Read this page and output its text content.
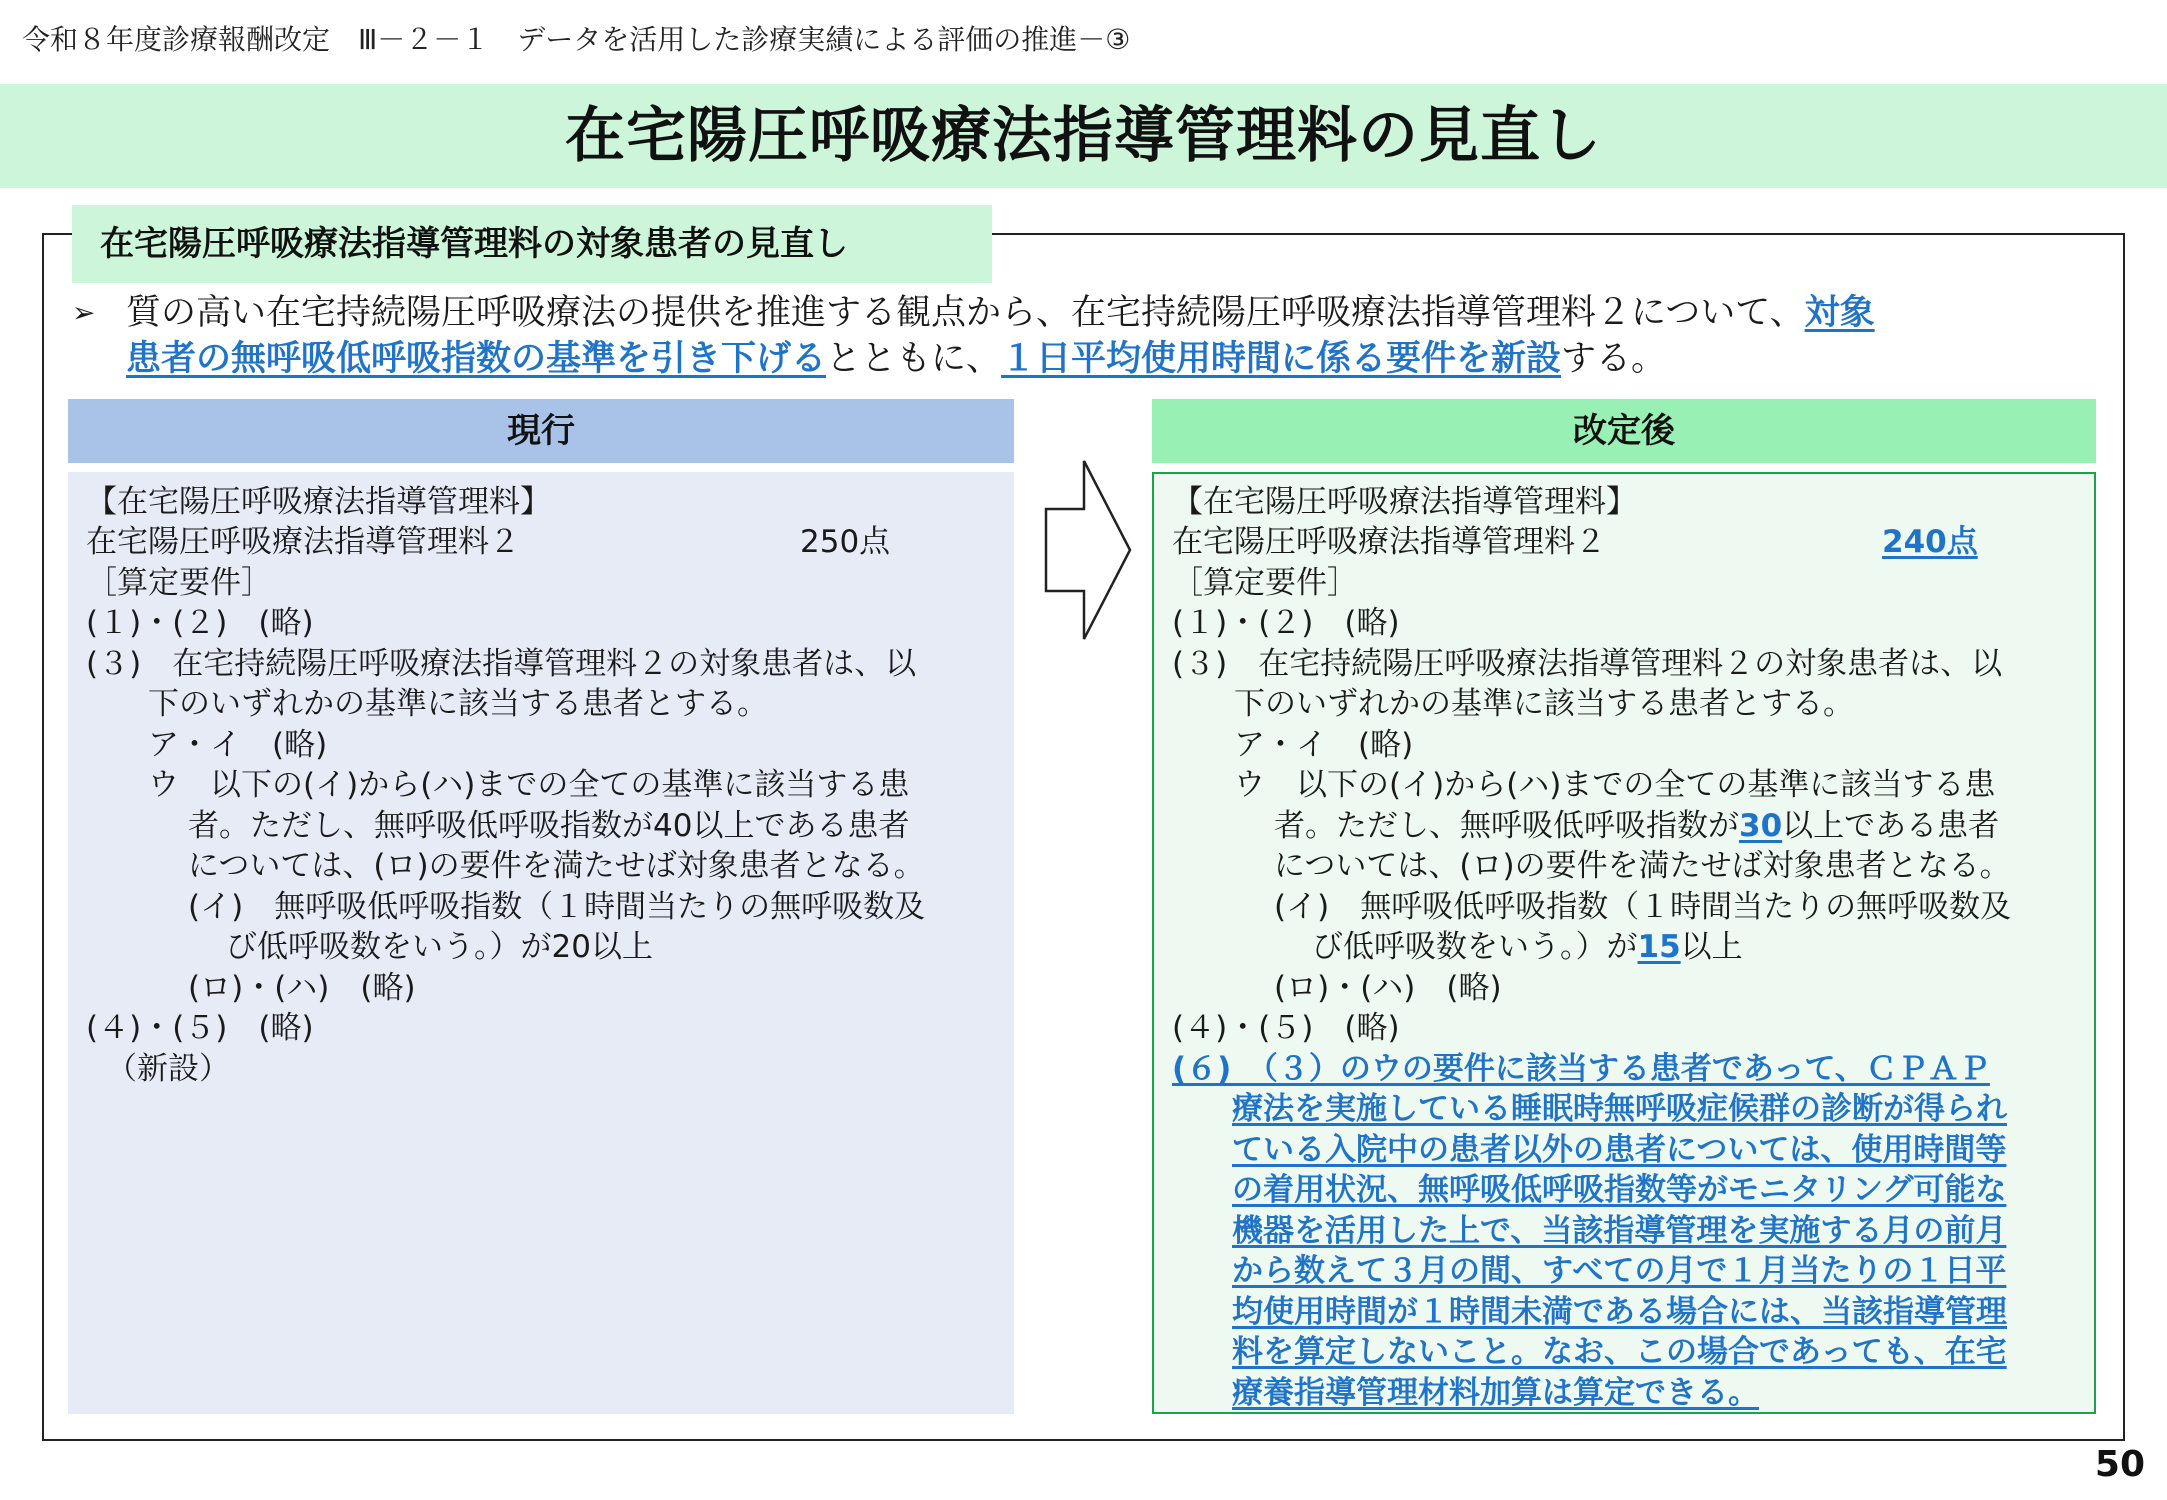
令和８年度診療報酬改定　Ⅲ－２－１　データを活用した診療実績による評価の推進－③
在宅陽圧呼吸療法指導管理料の見直し
在宅陽圧呼吸療法指導管理料の対象患者の見直し
➢ 質の高い在宅持続陽圧呼吸療法の提供を推進する観点から、在宅持続陽圧呼吸療法指導管理料２について、対象
患者の無呼吸低呼吸指数の基準を引き下げるとともに、１日平均使用時間に係る要件を新設する。
現行	改定後
【在宅陽圧呼吸療法指導管理料】
在宅陽圧呼吸療法指導管理料２	250点
［算定要件］
(１)・(２)　(略)
(３)　在宅持続陽圧呼吸療法指導管理料２の対象患者は、以
下のいずれかの基準に該当する患者とする。
ア・イ　(略)
ウ　以下の(イ)から(ハ)までの全ての基準に該当する患
者。ただし、無呼吸低呼吸指数が40以上である患者
については、(ロ)の要件を満たせば対象患者となる。
(イ)　無呼吸低呼吸指数（１時間当たりの無呼吸数及
び低呼吸数をいう。）が20以上
(ロ)・(ハ)　(略)
(４)・(５)　(略)
（新設）
【在宅陽圧呼吸療法指導管理料】
在宅陽圧呼吸療法指導管理料２	240点
［算定要件］
(１)・(２)　(略)
(３)　在宅持続陽圧呼吸療法指導管理料２の対象患者は、以
下のいずれかの基準に該当する患者とする。
ア・イ　(略)
ウ　以下の(イ)から(ハ)までの全ての基準に該当する患
者。ただし、無呼吸低呼吸指数が30以上である患者
については、(ロ)の要件を満たせば対象患者となる。
(イ)　無呼吸低呼吸指数（１時間当たりの無呼吸数及
び低呼吸数をいう。）が15以上
(ロ)・(ハ)　(略)
(４)・(５)　(略)
(６)　（３）のウの要件に該当する患者であって、ＣＰＡＰ
療法を実施している睡眠時無呼吸症候群の診断が得られ
ている入院中の患者以外の患者については、使用時間等
の着用状況、無呼吸低呼吸指数等がモニタリング可能な
機器を活用した上で、当該指導管理を実施する月の前月
から数えて３月の間、すべての月で１月当たりの１日平
均使用時間が１時間未満である場合には、当該指導管理
料を算定しないこと。なお、この場合であっても、在宅
療養指導管理材料加算は算定できる。
50
